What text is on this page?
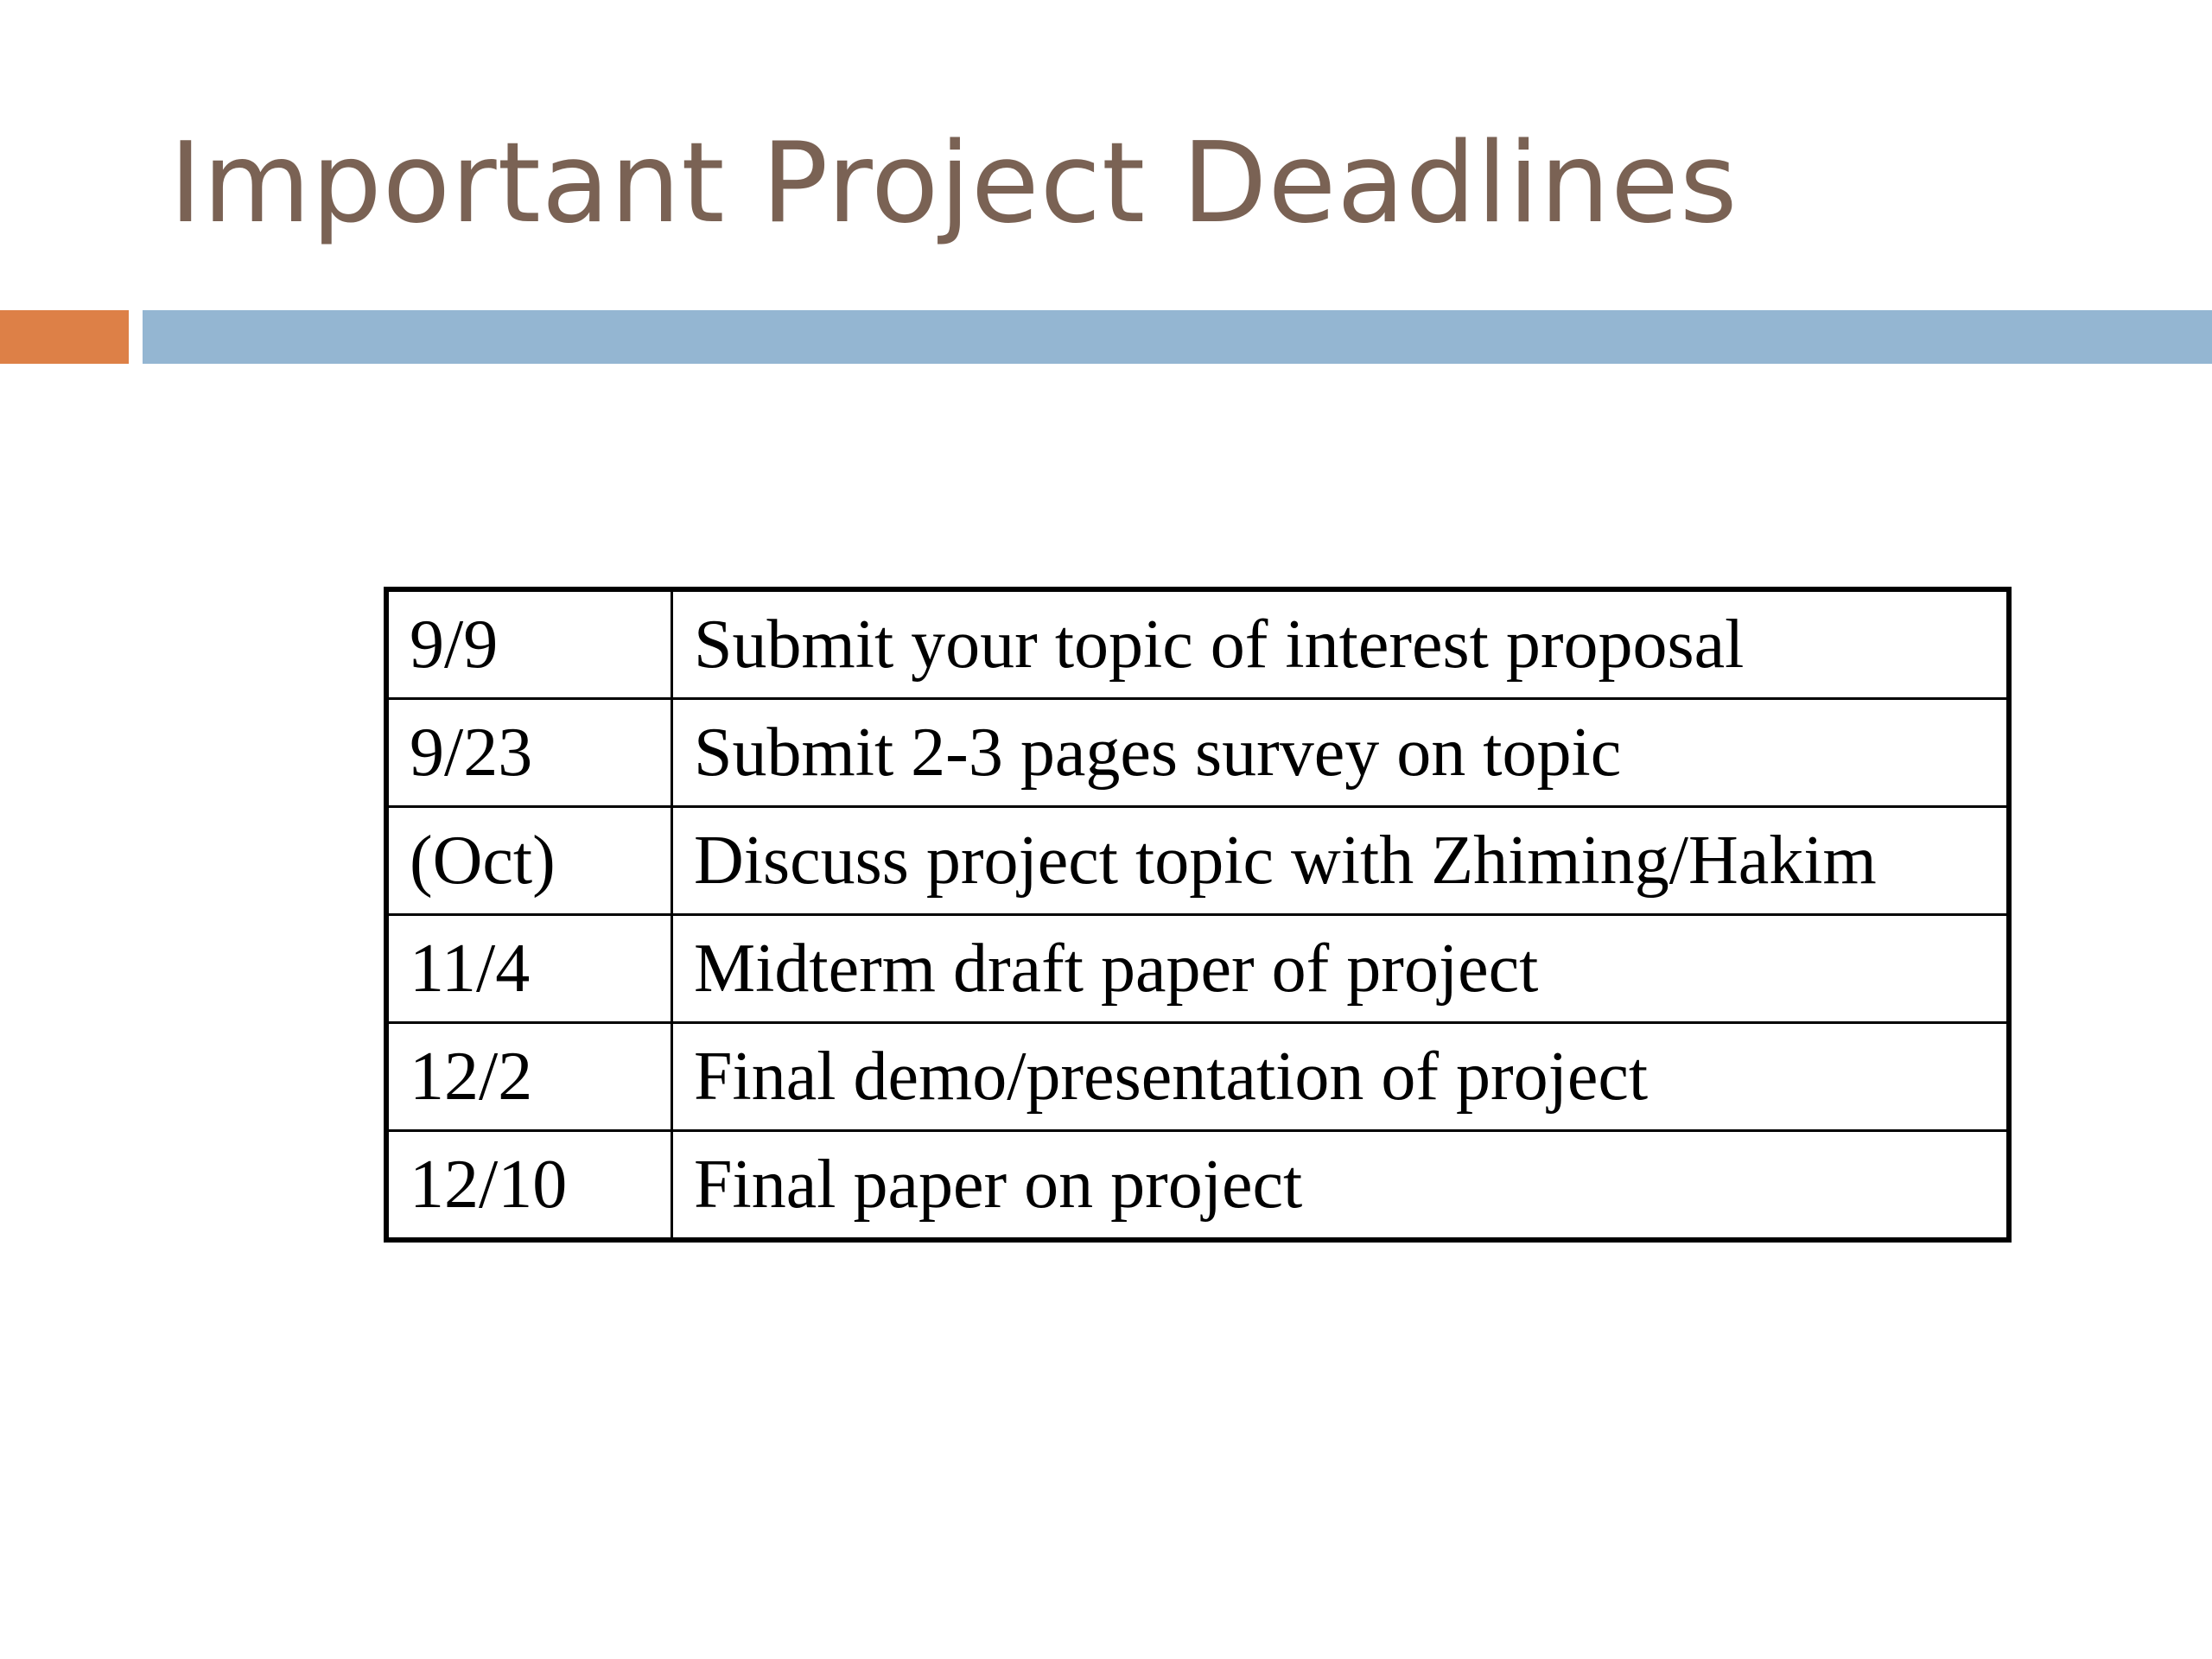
Important Project Deadlines
9/9	Submit your topic of interest proposal
9/23	Submit 2-3 pages survey on topic
(Oct)	Discuss project topic with Zhiming/Hakim
11/4	Midterm draft paper of project
12/2	Final demo/presentation of project
12/10	Final paper on project
